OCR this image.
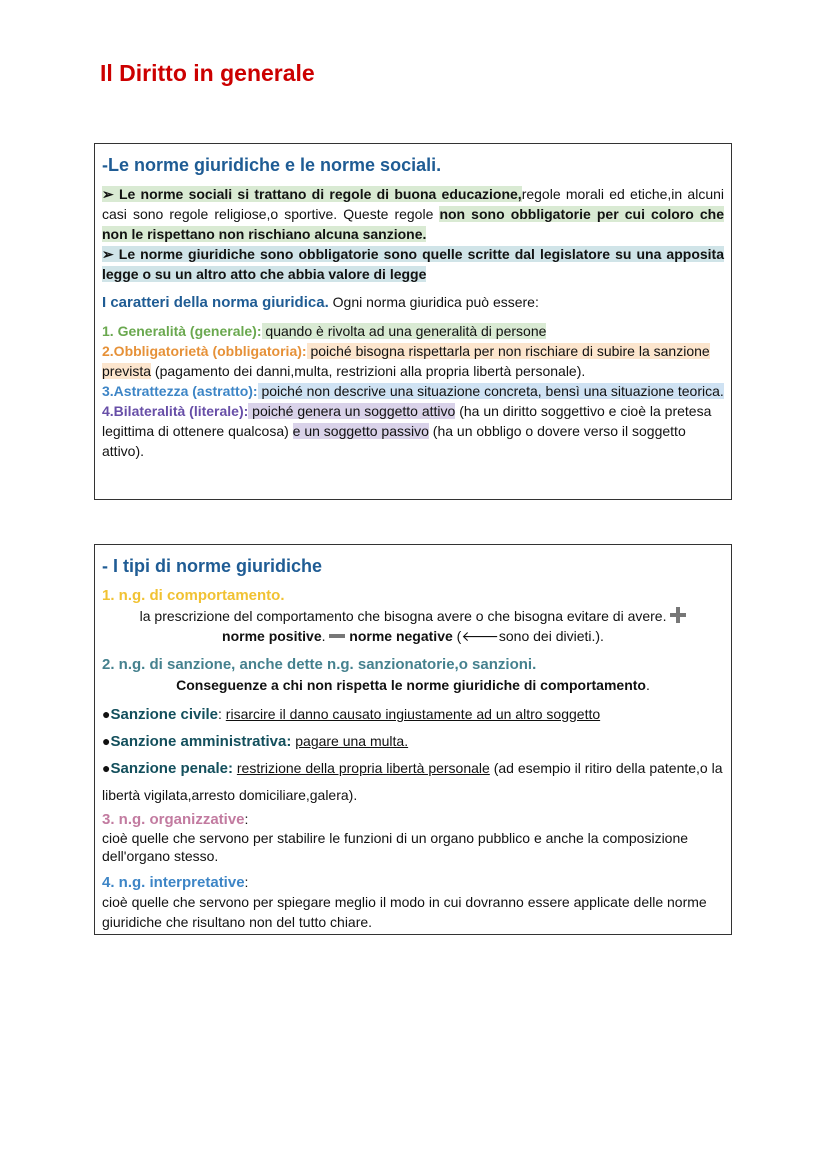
Il Diritto in generale
-Le norme giuridiche e le norme sociali.

➢ Le norme sociali si trattano di regole di buona educazione,regole morali ed etiche,in alcuni casi sono regole religiose,o sportive. Queste regole non sono obbligatorie per cui coloro che non le rispettano non rischiano alcuna sanzione.

➢ Le norme giuridiche sono obbligatorie sono quelle scritte dal legislatore su una apposita legge o su un altro atto che abbia valore di legge

I caratteri della norma giuridica. Ogni norma giuridica può essere:

1. Generalità (generale): quando è rivolta ad una generalità di persone

2.Obbligatorietà (obbligatoria): poiché bisogna rispettarla per non rischiare di subire la sanzione prevista (pagamento dei danni,multa, restrizioni alla propria libertà personale).

3.Astrattezza (astratto): poiché non descrive una situazione concreta, bensì una situazione teorica.

4.Bilateralità (literale): poiché genera un soggetto attivo (ha un diritto soggettivo e cioè la pretesa legittima di ottenere qualcosa) e un soggetto passivo (ha un obbligo o dovere verso il soggetto attivo).

- I tipi di norme giuridiche

1. n.g. di comportamento.

la prescrizione del comportamento che bisogna avere o che bisogna evitare di avere.
norme positive.  norme negative (🡐sono dei divieti.).

2. n.g. di sanzione, anche dette n.g. sanzionatorie,o sanzioni.

Conseguenze a chi non rispetta le norme giuridiche di comportamento.

●Sanzione civile: risarcire il danno causato ingiustamente ad un altro soggetto

●Sanzione amministrativa: pagare una multa.

●Sanzione penale: restrizione della propria libertà personale (ad esempio il ritiro della patente,o la libertà vigilata,arresto domiciliare,galera).

3. n.g. organizzative:

cioè quelle che servono per stabilire le funzioni di un organo pubblico e anche la composizione dell'organo stesso.

4. n.g. interpretative:

cioè quelle che servono per spiegare meglio il modo in cui dovranno essere applicate delle norme giuridiche che risultano non del tutto chiare.
